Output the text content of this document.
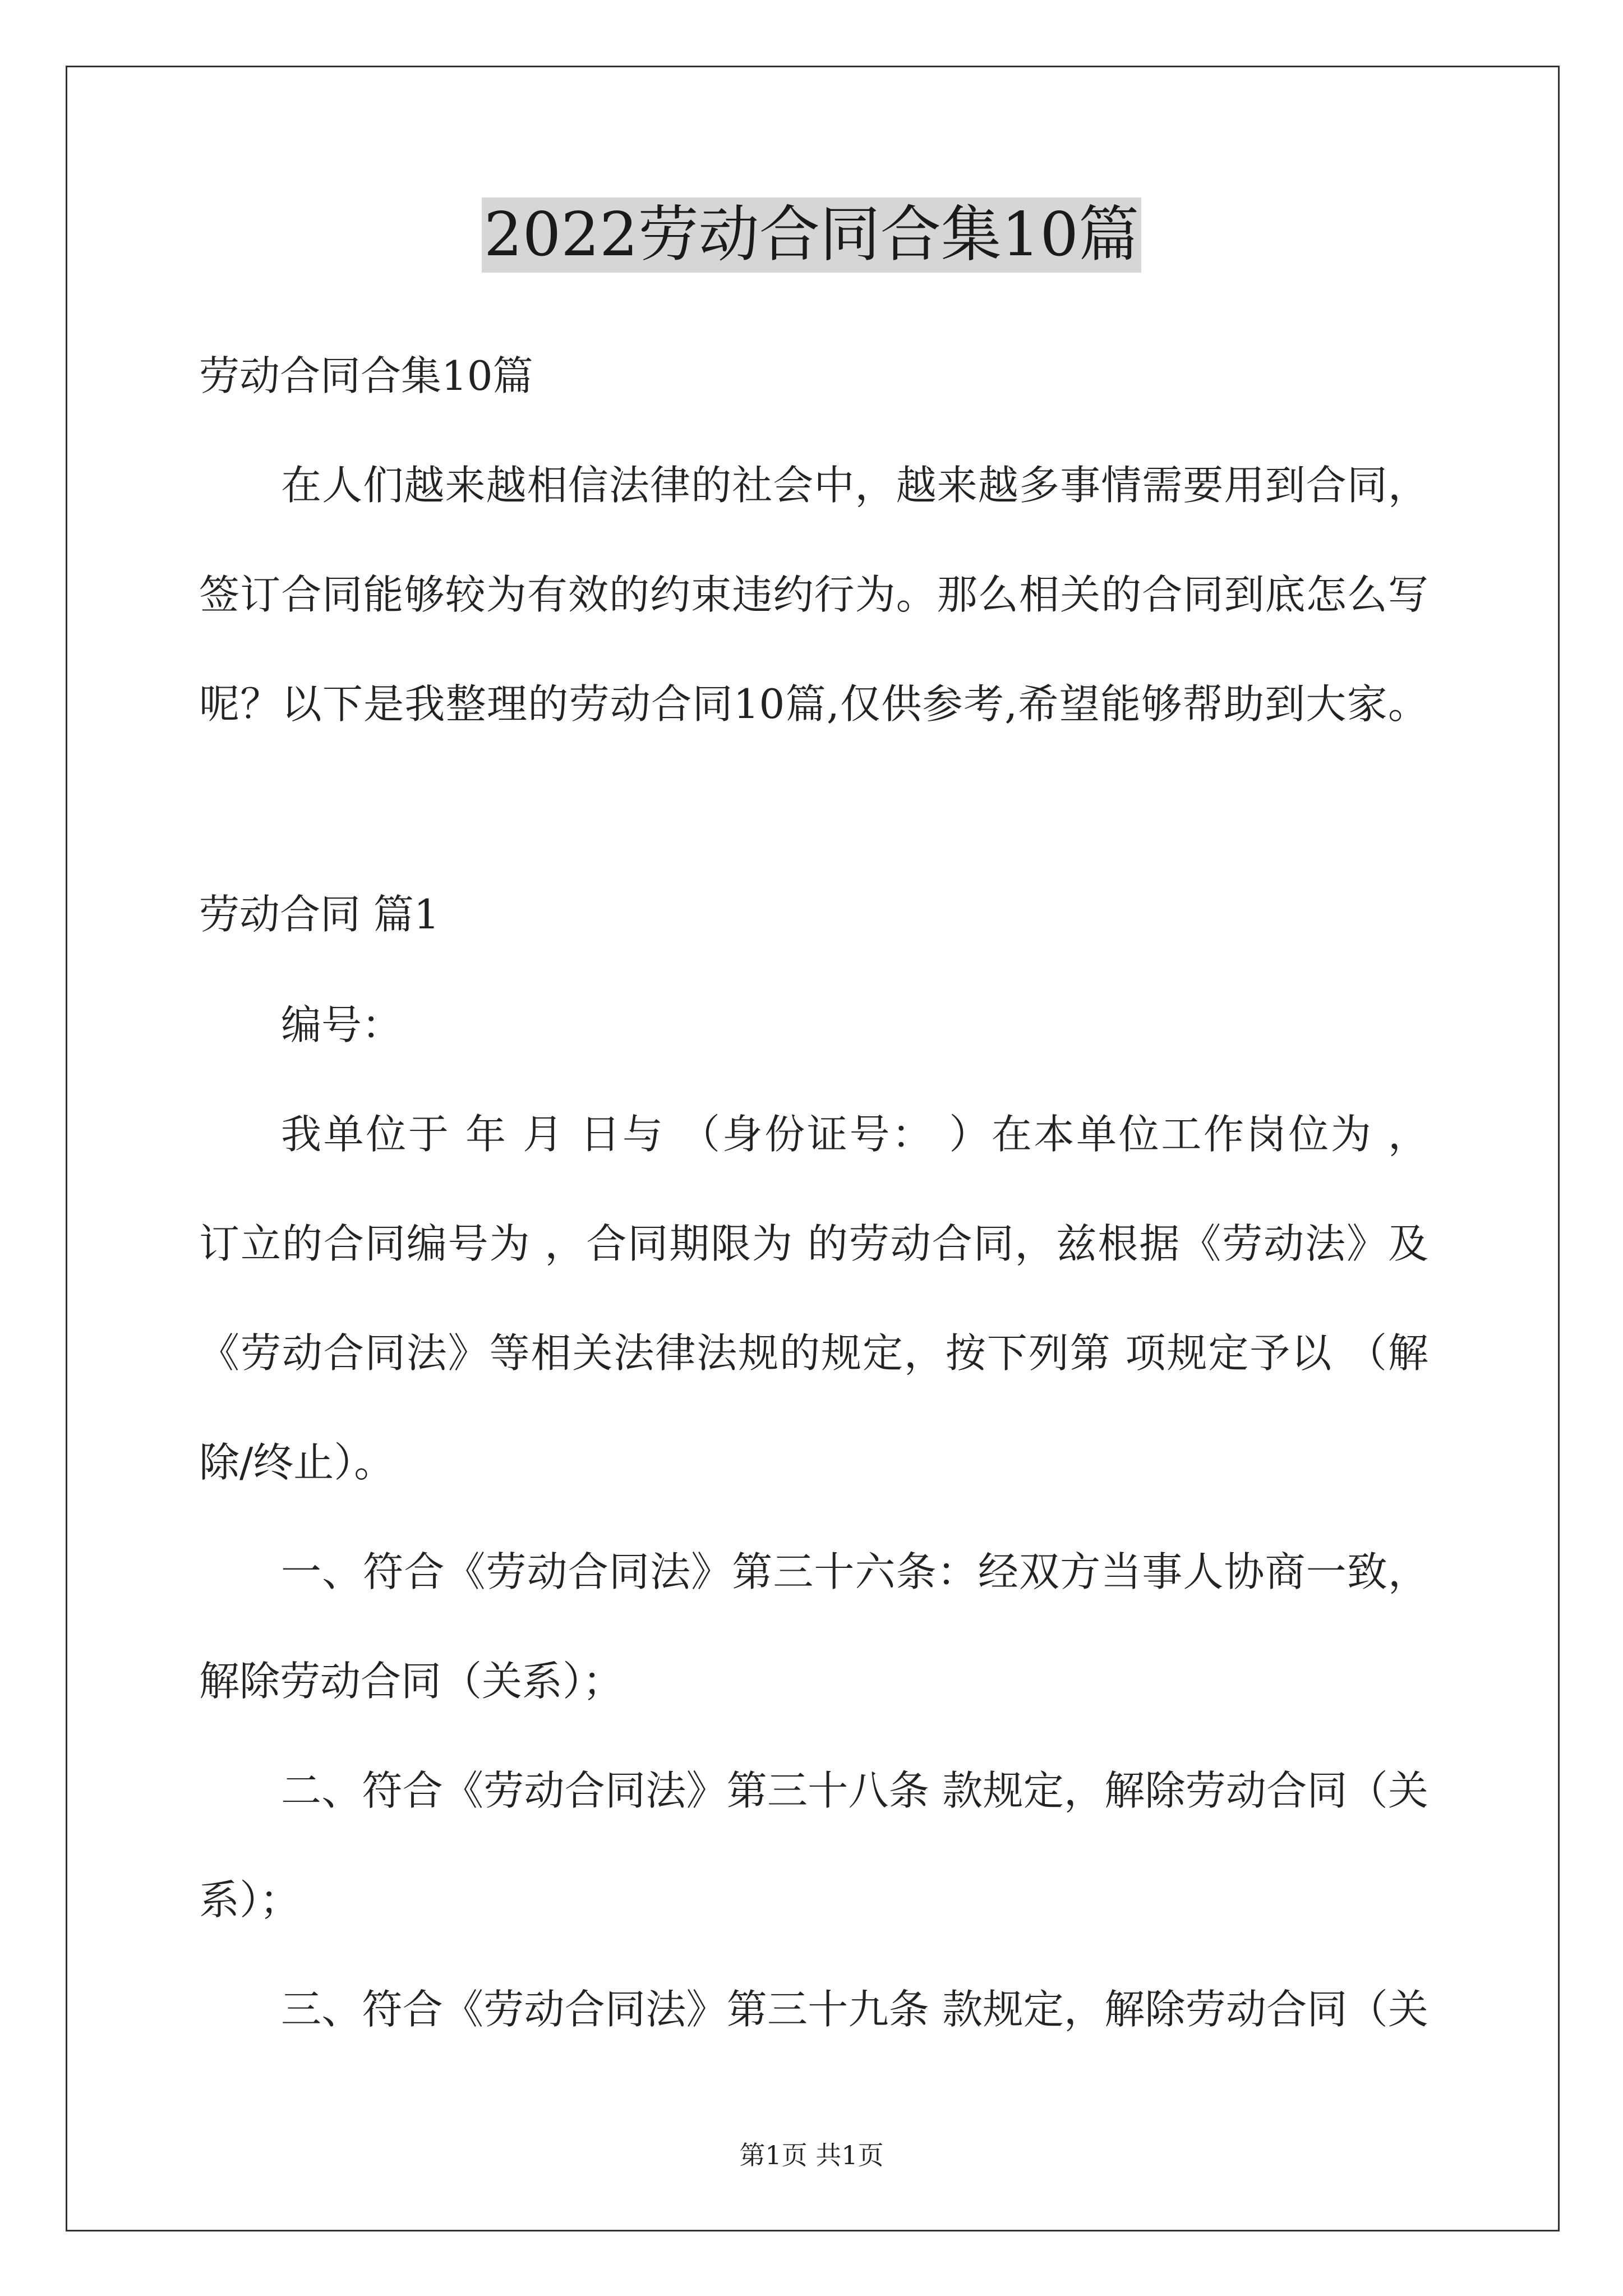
2022劳动合同合集10篇
劳动合同合集10篇
在人们越来越相信法律的社会中，越来越多事情需要用到合同，
签订合同能够较为有效的约束违约行为。那么相关的合同到底怎么写
呢？以下是我整理的劳动合同10篇,仅供参考,希望能够帮助到大家。
劳动合同 篇1
编号：
我单位于 年 月 日与 （身份证号： ）在本单位工作岗位为 ，
订立的合同编号为 ，合同期限为 的劳动合同，兹根据《劳动法》及
《劳动合同法》等相关法律法规的规定，按下列第 项规定予以 （解
除/终止）。
一、符合《劳动合同法》第三十六条：经双方当事人协商一致，
解除劳动合同（关系）；
二、符合《劳动合同法》第三十八条 款规定，解除劳动合同（关
系）；
三、符合《劳动合同法》第三十九条 款规定，解除劳动合同（关
第1页 共1页
